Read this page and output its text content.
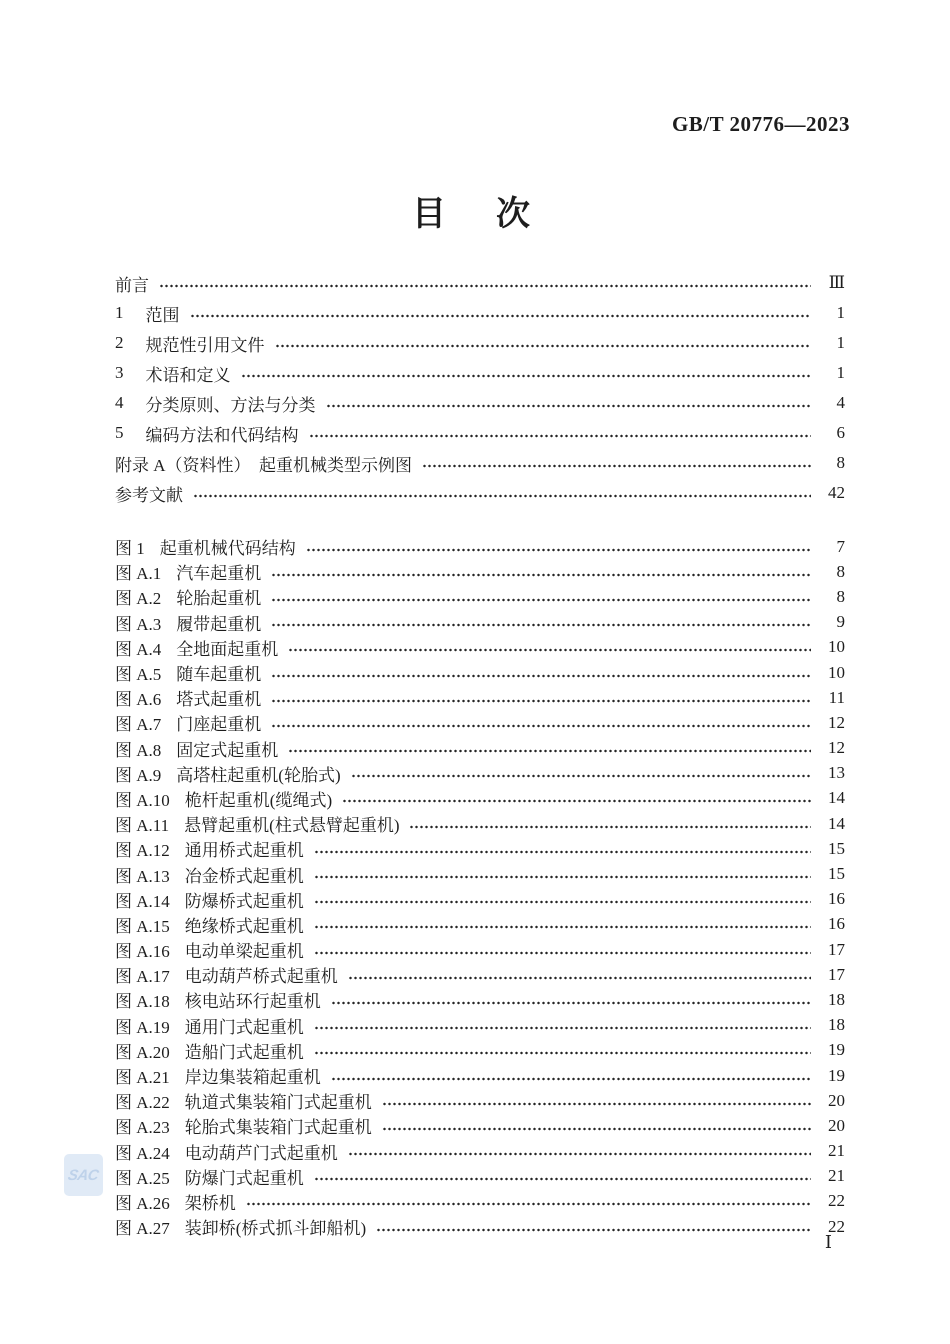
GB/T 20776—2023
目　次
前言	Ⅲ
1 范围	1
2 规范性引用文件	1
3 术语和定义	1
4 分类原则、方法与分类	4
5 编码方法和代码结构	6
附录 A（资料性）　起重机械类型示例图	8
参考文献	42
图 1 起重机械代码结构	7
图 A.1 汽车起重机	8
图 A.2 轮胎起重机	8
图 A.3 履带起重机	9
图 A.4 全地面起重机	10
图 A.5 随车起重机	10
图 A.6 塔式起重机	11
图 A.7 门座起重机	12
图 A.8 固定式起重机	12
图 A.9 高塔柱起重机(轮胎式)	13
图 A.10 桅杆起重机(缆绳式)	14
图 A.11 悬臂起重机(柱式悬臂起重机)	14
图 A.12 通用桥式起重机	15
图 A.13 冶金桥式起重机	15
图 A.14 防爆桥式起重机	16
图 A.15 绝缘桥式起重机	16
图 A.16 电动单梁起重机	17
图 A.17 电动葫芦桥式起重机	17
图 A.18 核电站环行起重机	18
图 A.19 通用门式起重机	18
图 A.20 造船门式起重机	19
图 A.21 岸边集装箱起重机	19
图 A.22 轨道式集装箱门式起重机	20
图 A.23 轮胎式集装箱门式起重机	20
图 A.24 电动葫芦门式起重机	21
图 A.25 防爆门式起重机	21
图 A.26 架桥机	22
图 A.27 装卸桥(桥式抓斗卸船机)	22
SAC
Ⅰ
